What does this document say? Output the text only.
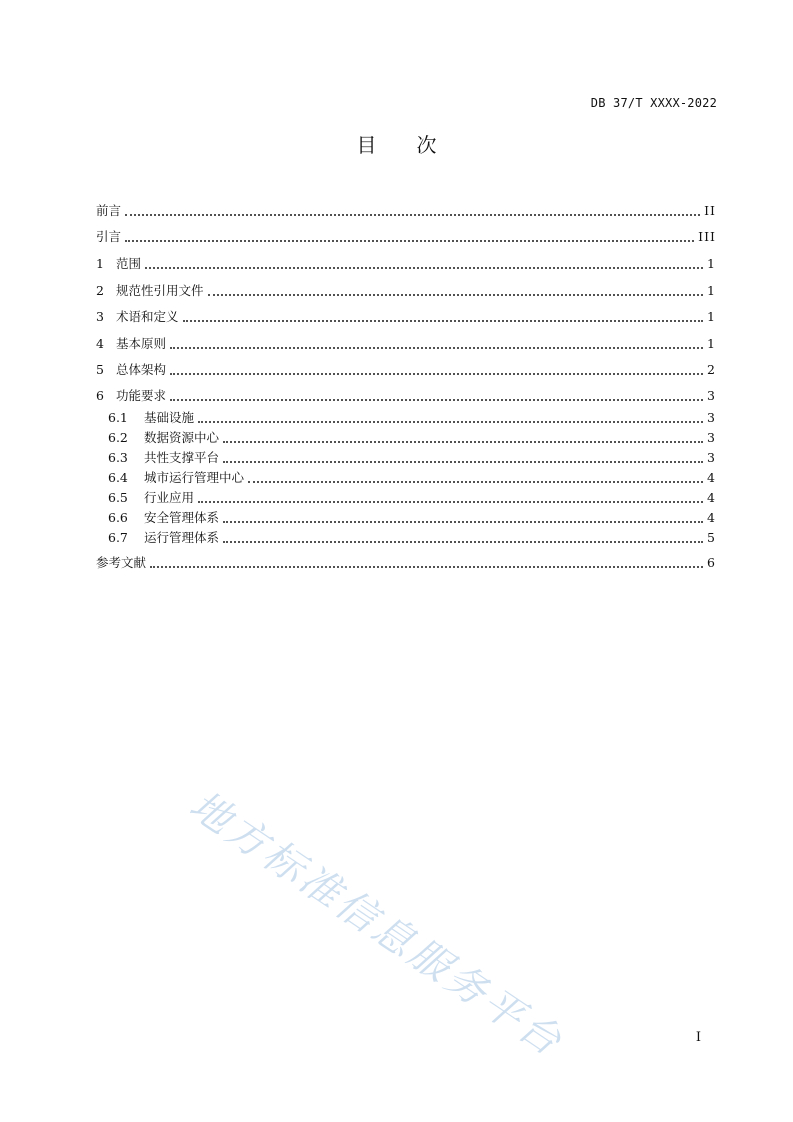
DB 37/T XXXX-2022
目 次
前言	II
引言	III
1 范围	1
2 规范性引用文件	1
3 术语和定义	1
4 基本原则	1
5 总体架构	2
6 功能要求	3
6.1	基础设施	3
6.2	数据资源中心	3
6.3	共性支撑平台	3
6.4	城市运行管理中心	4
6.5	行业应用	4
6.6	安全管理体系	4
6.7	运行管理体系	5
参考文献	6
地方标准信息服务平台	I
